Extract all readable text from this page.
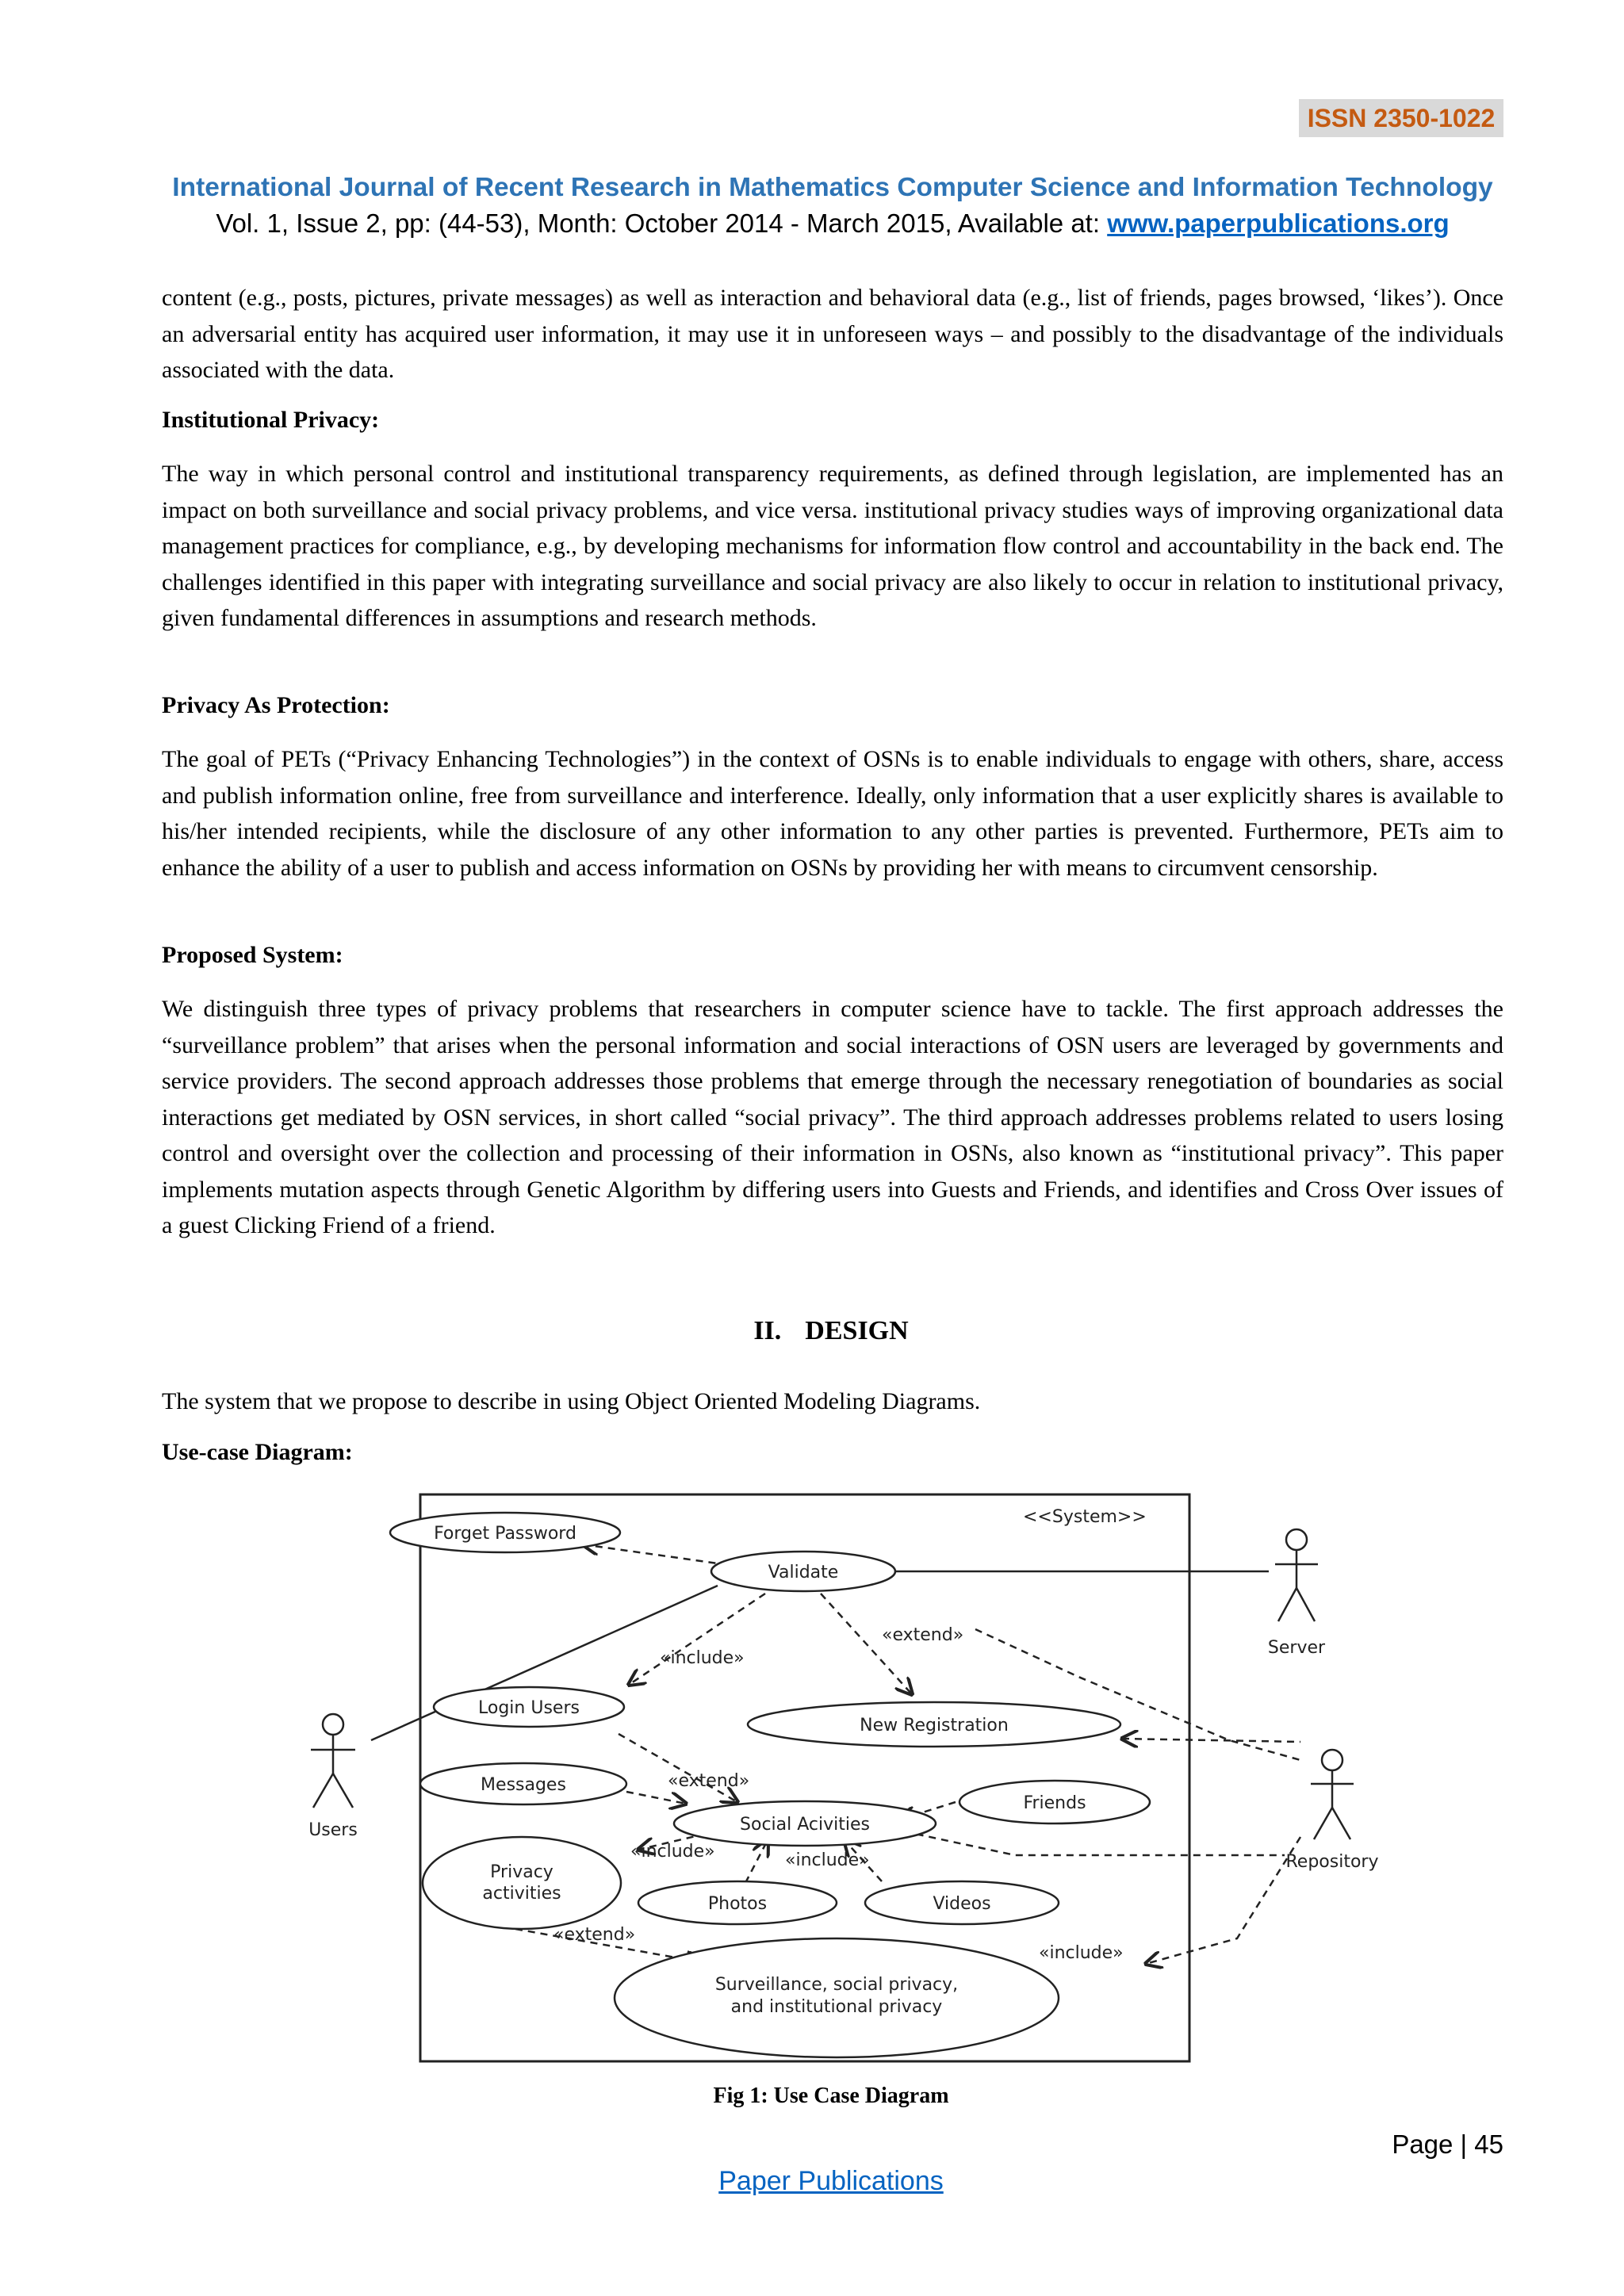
ISSN 2350-1022
International Journal of Recent Research in Mathematics Computer Science and Information Technology
Vol. 1, Issue 2, pp: (44-53), Month: October 2014 - March 2015, Available at: www.paperpublications.org

content (e.g., posts, pictures, private messages) as well as interaction and behavioral data (e.g., list of friends, pages browsed, ‘likes’). Once an adversarial entity has acquired user information, it may use it in unforeseen ways – and possibly to the disadvantage of the individuals associated with the data.

Institutional Privacy:

The way in which personal control and institutional transparency requirements, as defined through legislation, are implemented has an impact on both surveillance and social privacy problems, and vice versa. institutional privacy studies ways of improving organizational data management practices for compliance, e.g., by developing mechanisms for information flow control and accountability in the back end. The challenges identified in this paper with integrating surveillance and social privacy are also likely to occur in relation to institutional privacy, given fundamental differences in assumptions and research methods.

Privacy As Protection:

The goal of PETs (“Privacy Enhancing Technologies”) in the context of OSNs is to enable individuals to engage with others, share, access and publish information online, free from surveillance and interference. Ideally, only information that a user explicitly shares is available to his/her intended recipients, while the disclosure of any other information to any other parties is prevented. Furthermore, PETs aim to enhance the ability of a user to publish and access information on OSNs by providing her with means to circumvent censorship.

Proposed System:

We distinguish three types of privacy problems that researchers in computer science have to tackle. The first approach addresses the “surveillance problem” that arises when the personal information and social interactions of OSN users are leveraged by governments and service providers. The second approach addresses those problems that emerge through the necessary renegotiation of boundaries as social interactions get mediated by OSN services, in short called “social privacy”. The third approach addresses problems related to users losing control and oversight over the collection and processing of their information in OSNs, also known as “institutional privacy”. This paper implements mutation aspects through Genetic Algorithm by differing users into Guests and Friends, and identifies and Cross Over issues of a guest Clicking Friend of a friend.

II. DESIGN

The system that we propose to describe in using Object Oriented Modeling Diagrams.

Use-case Diagram:

<<System>>
Users
Server
Repository
«include»
«extend»
«extend»
«include»	«include»
«include»
«extend»
Forget Password
Validate
Login Users
New Registration
Messages
Friends
Social Acivities
Privacy
activities
Photos	Videos
Surveillance, social privacy,
and institutional privacy
Fig 1: Use Case Diagram
Page | 45
Paper Publications
